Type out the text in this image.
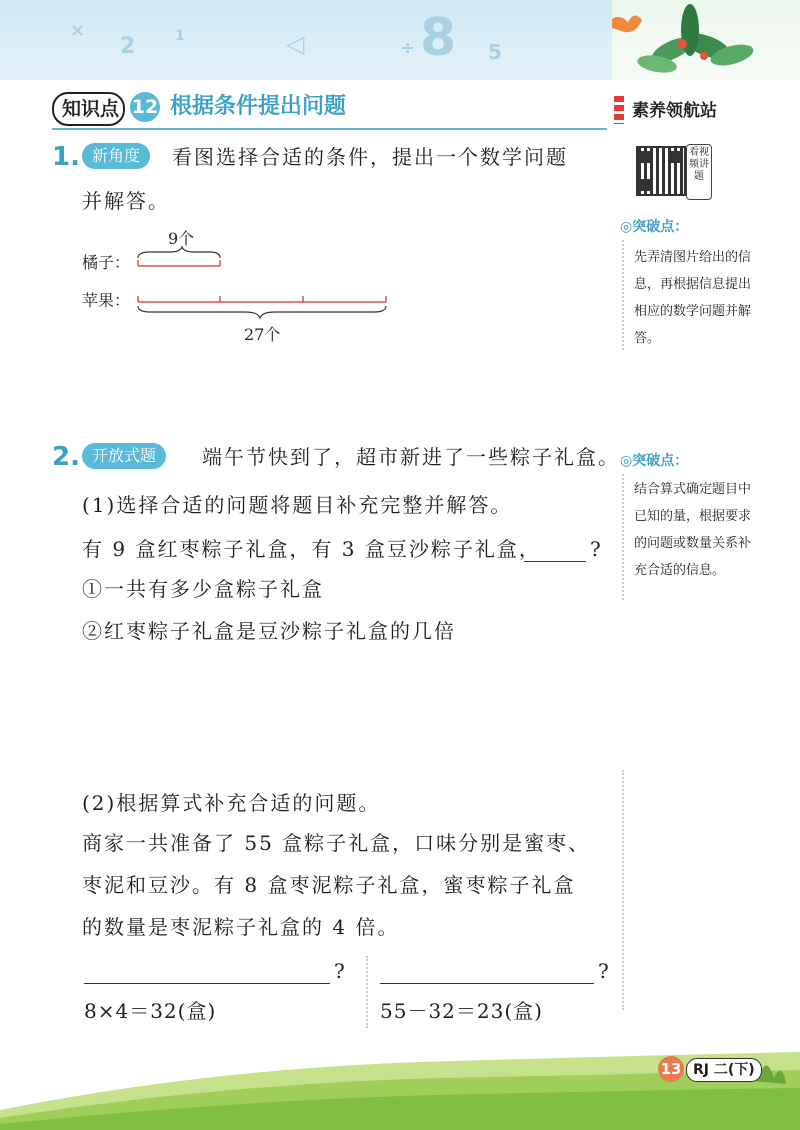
×
2	1	◁	÷ 8 5
知识点 12 根据条件提出问题	素养领航站
看视频讲题
◎突破点：
先弄清图片给出的信息，再根据信息提出相应的数学问题并解答。
◎突破点：
结合算式确定题目中已知的量，根据要求的问题或数量关系补充合适的信息。
1. 新角度	看图选择合适的条件，提出一个数学问题
并解答。
9个
橘子：
苹果：
27个
2. 开放式题	端午节快到了，超市新进了一些粽子礼盒。
(1)选择合适的问题将题目补充完整并解答。
有 9 盒红枣粽子礼盒，有 3 盒豆沙粽子礼盒， ?
①一共有多少盒粽子礼盒
②红枣粽子礼盒是豆沙粽子礼盒的几倍
(2)根据算式补充合适的问题。
商家一共准备了 55 盒粽子礼盒，口味分别是蜜枣、
枣泥和豆沙。有 8 盒枣泥粽子礼盒，蜜枣粽子礼盒
的数量是枣泥粽子礼盒的 4 倍。
?	?
8×4＝32(盒)	55－32＝23(盒)
13 RJ 二(下)
